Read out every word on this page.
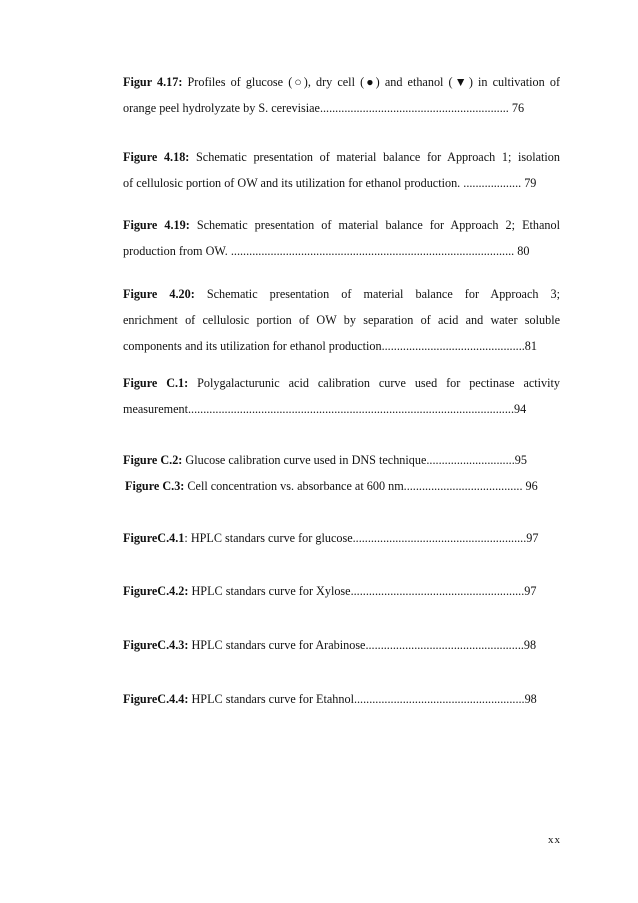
Figur 4.17: Profiles of glucose (○), dry cell (●) and ethanol (▼) in cultivation of
orange peel hydrolyzate by S. cerevisiae.............................................................. 76
Figure 4.18: Schematic presentation of material balance for Approach 1; isolation
of cellulosic portion of OW and its utilization for ethanol production. ................... 79
Figure 4.19: Schematic presentation of material balance for Approach 2; Ethanol
production from OW. ............................................................................................. 80
Figure 4.20: Schematic presentation of material balance for Approach 3;
enrichment of cellulosic portion of OW by separation of acid and water soluble
components and its utilization for ethanol production...............................................81
Figure C.1: Polygalacturunic acid calibration curve used for pectinase activity
measurement...........................................................................................................94
Figure C.2: Glucose calibration curve used in DNS technique.............................95
Figure C.3: Cell concentration vs. absorbance at 600 nm....................................... 96
FigureC.4.1: HPLC standars curve for glucose.........................................................97
FigureC.4.2: HPLC standars curve for Xylose.........................................................97
FigureC.4.3: HPLC standars curve for Arabinose....................................................98
FigureC.4.4: HPLC standars curve for Etahnol........................................................98
xx
